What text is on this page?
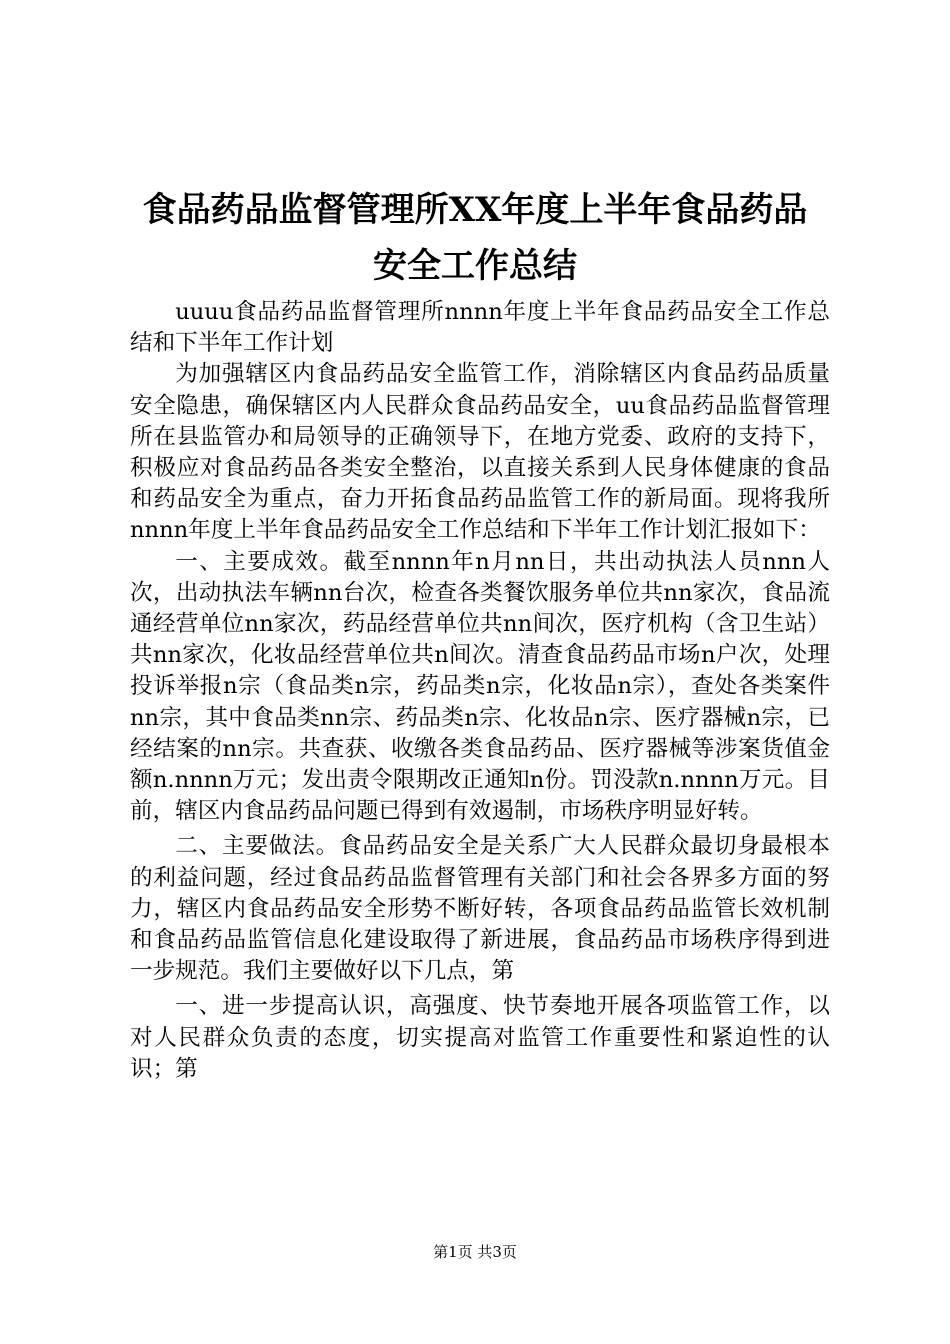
食品药品监督管理所XX年度上半年食品药品
安全工作总结

uuuu食品药品监督管理所nnnn年度上半年食品药品安全工作总结和下半年工作计划

为加强辖区内食品药品安全监管工作，消除辖区内食品药品质量安全隐患，确保辖区内人民群众食品药品安全，uu食品药品监督管理所在县监管办和局领导的正确领导下，在地方党委、政府的支持下，积极应对食品药品各类安全整治，以直接关系到人民身体健康的食品和药品安全为重点，奋力开拓食品药品监管工作的新局面。现将我所nnnn年度上半年食品药品安全工作总结和下半年工作计划汇报如下：

一、主要成效。截至nnnn年n月nn日，共出动执法人员nnn人次，出动执法车辆nn台次，检查各类餐饮服务单位共nn家次，食品流通经营单位nn家次，药品经营单位共nn间次，医疗机构（含卫生站）共nn家次，化妆品经营单位共n间次。清查食品药品市场n户次，处理投诉举报n宗（食品类n宗，药品类n宗，化妆品n宗），查处各类案件nn宗，其中食品类nn宗、药品类n宗、化妆品n宗、医疗器械n宗，已经结案的nn宗。共查获、收缴各类食品药品、医疗器械等涉案货值金额n.nnnn万元；发出责令限期改正通知n份。罚没款n.nnnn万元。目前，辖区内食品药品问题已得到有效遏制，市场秩序明显好转。

二、主要做法。食品药品安全是关系广大人民群众最切身最根本的利益问题，经过食品药品监督管理有关部门和社会各界多方面的努力，辖区内食品药品安全形势不断好转，各项食品药品监管长效机制和食品药品监管信息化建设取得了新进展，食品药品市场秩序得到进一步规范。我们主要做好以下几点，第

一、进一步提高认识，高强度、快节奏地开展各项监管工作，以对人民群众负责的态度，切实提高对监管工作重要性和紧迫性的认识；第

第1页 共3页
